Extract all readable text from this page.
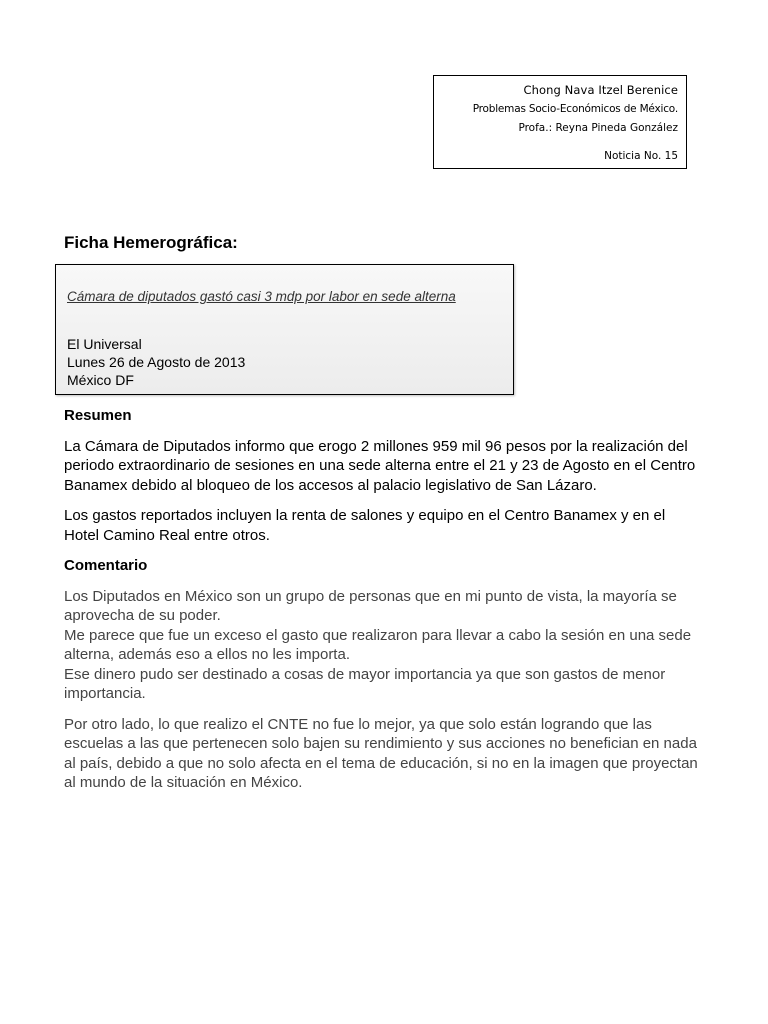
Chong Nava Itzel Berenice
Problemas Socio-Económicos de México.
Profa.: Reyna Pineda González
Noticia No. 15
Ficha Hemerográfica:
Cámara de diputados gastó casi 3 mdp por labor en sede alterna
El Universal
Lunes 26 de Agosto de 2013
México DF
Resumen

La Cámara de Diputados informo que erogo 2 millones 959 mil 96 pesos por la realización del periodo extraordinario de sesiones en una sede alterna entre el 21 y 23 de Agosto en el Centro Banamex debido al bloqueo de los accesos al palacio legislativo de San Lázaro.

Los gastos reportados incluyen la renta de salones y equipo en el Centro Banamex y en el Hotel Camino Real entre otros.

Comentario

Los Diputados en México son un grupo de personas que en mi punto de vista, la mayoría se aprovecha de su poder.
Me parece que fue un exceso el gasto que realizaron para llevar a cabo la sesión en una sede alterna, además eso a ellos no les importa.
Ese dinero pudo ser destinado a cosas de mayor importancia ya que son gastos de menor importancia.

Por otro lado, lo que realizo el CNTE no fue lo mejor, ya que solo están logrando que las escuelas a las que pertenecen solo bajen su rendimiento y sus acciones no benefician en nada al país, debido a que no solo afecta en el tema de educación, si no en la imagen que proyectan al mundo de la situación en México.
